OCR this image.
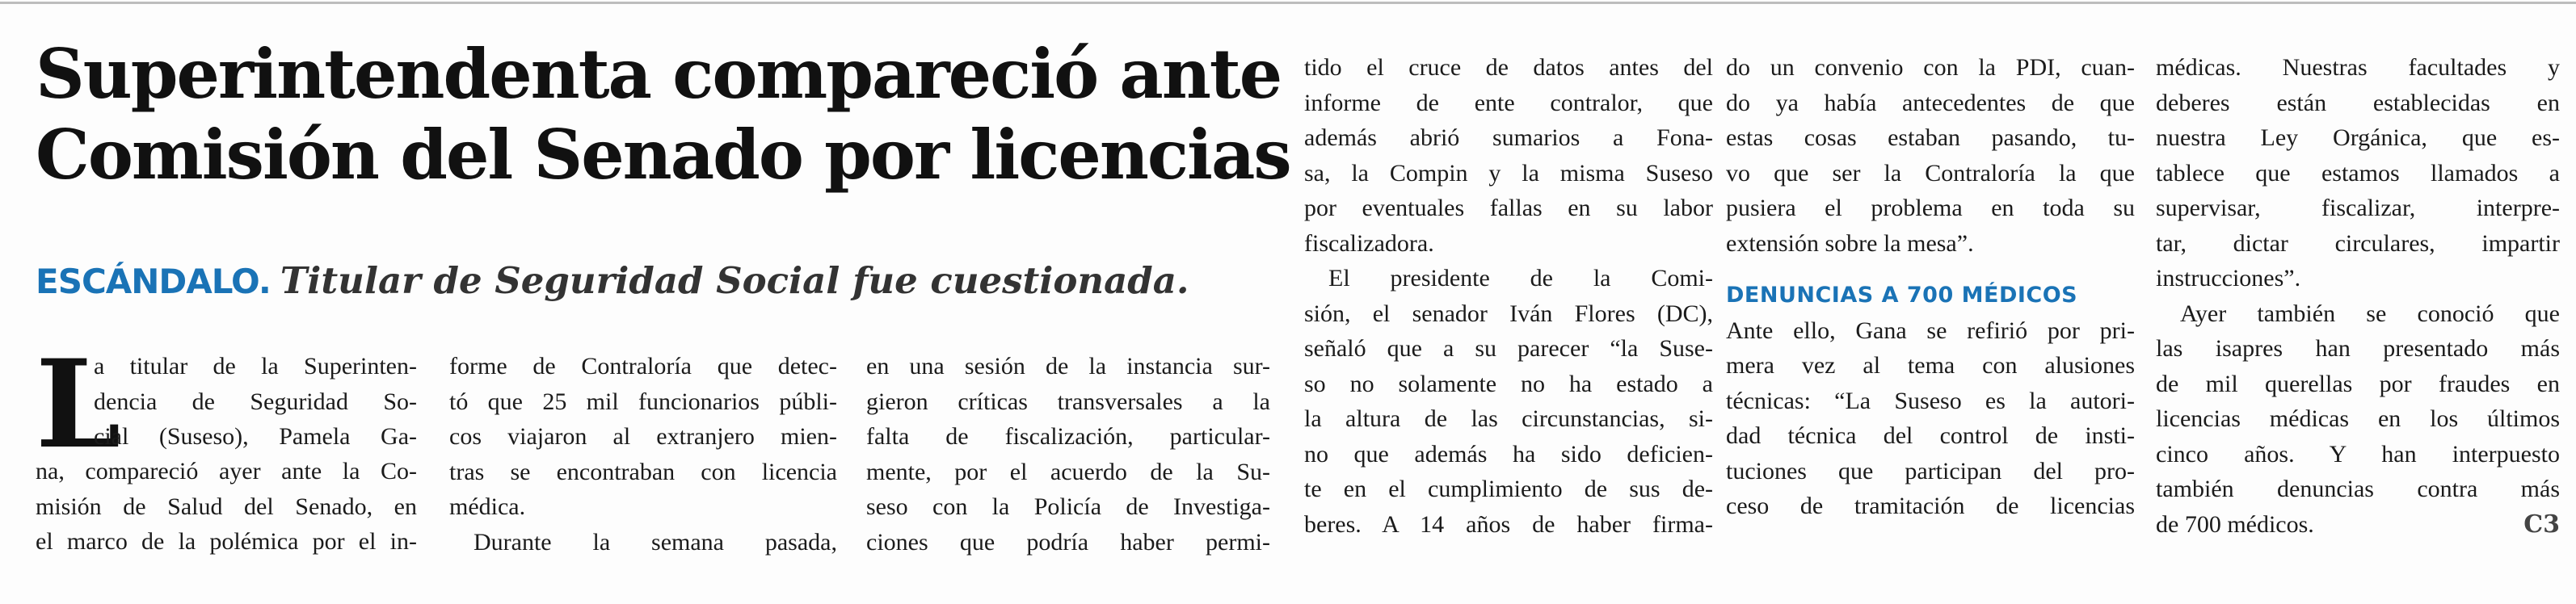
Superintendenta compareció ante
Comisión del Senado por licencias
ESCÁNDALO. Titular de Seguridad Social fue cuestionada.
L
a titular de la Superinten-
dencia de Seguridad So-
cial (Suseso), Pamela Ga-
na, compareció ayer ante la Co-
misión de Salud del Senado, en
el marco de la polémica por el in-
forme de Contraloría que detec-
tó que 25 mil funcionarios públi-
cos viajaron al extranjero mien-
tras se encontraban con licencia
médica.
Durante la semana pasada,
en una sesión de la instancia sur-
gieron críticas transversales a la
falta de fiscalización, particular-
mente, por el acuerdo de la Su-
seso con la Policía de Investiga-
ciones que podría haber permi-
tido el cruce de datos antes del
informe de ente contralor, que
además abrió sumarios a Fona-
sa, la Compin y la misma Suseso
por eventuales fallas en su labor
fiscalizadora.
El presidente de la Comi-
sión, el senador Iván Flores (DC),
señaló que a su parecer “la Suse-
so no solamente no ha estado a
la altura de las circunstancias, si-
no que además ha sido deficien-
te en el cumplimiento de sus de-
beres. A 14 años de haber firma-
do un convenio con la PDI, cuan-
do ya había antecedentes de que
estas cosas estaban pasando, tu-
vo que ser la Contraloría la que
pusiera el problema en toda su
extensión sobre la mesa”.
DENUNCIAS A 700 MÉDICOS
Ante ello, Gana se refirió por pri-
mera vez al tema con alusiones
técnicas: “La Suseso es la autori-
dad técnica del control de insti-
tuciones que participan del pro-
ceso de tramitación de licencias
médicas. Nuestras facultades y
deberes están establecidas en
nuestra Ley Orgánica, que es-
tablece que estamos llamados a
supervisar, fiscalizar, interpre-
tar, dictar circulares, impartir
instrucciones”.
Ayer también se conoció que
las isapres han presentado más
de mil querellas por fraudes en
licencias médicas en los últimos
cinco años. Y han interpuesto
también denuncias contra más
de 700 médicos.	C3
